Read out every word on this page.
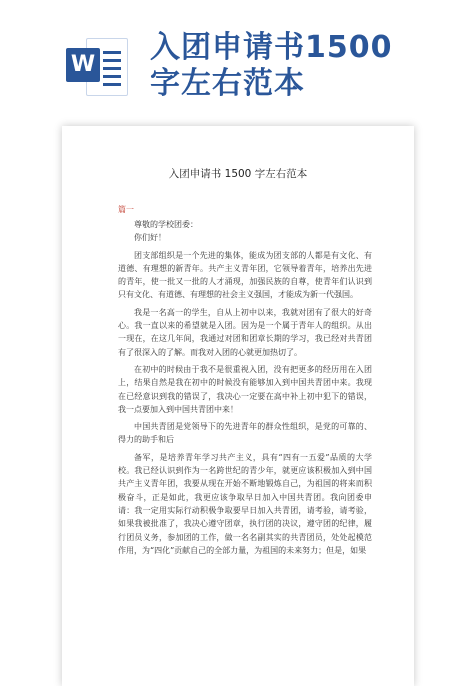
W 入团申请书1500字左右范本
入团申请书 1500 字左右范本
篇一

尊敬的学校团委：

你们好！

团支部组织是一个先进的集体，能成为团支部的人都是有文化、有道德、有理想的新青年。共产主义青年团，它领导着青年，培养出先进的青年，使一批又一批的人才涌现，加强民族的自尊，使青年们认识到只有文化、有道德、有理想的社会主义强国，才能成为新一代强国。

我是一名高一的学生，自从上初中以来，我就对团有了很大的好奇心。我一直以来的希望就是入团。因为是一个属于青年人的组织。从出一现在，在这几年间，我通过对团和团章长期的学习，我已经对共青团有了很深入的了解。而我对入团的心就更加热切了。

在初中的时候由于我不是很重视入团，没有把更多的经历用在入团上，结果自然是我在初中的时候没有能够加入到中国共青团中来。我现在已经意识到我的错误了，我决心一定要在高中补上初中犯下的错误，我一点要加入到中国共青团中来！

中国共青团是党领导下的先进青年的群众性组织，是党的可靠的、得力的助手和后

备军，是培养青年学习共产主义，具有“四有一五爱”品质的大学校。我已经认识到作为一名跨世纪的青少年，就更应该积极加入到中国共产主义青年团，我要从现在开始不断地锻炼自己，为祖国的将来而积极奋斗，正是如此，我更应该争取早日加入中国共青团。我向团委申请：我一定用实际行动积极争取要早日加入共青团，请考验，请考验，如果我被批准了，我决心遵守团章，执行团的决议，遵守团的纪律，履行团员义务，参加团的工作，做一名名副其实的共青团员，处处起模范作用，为“四化”贡献自己的全部力量，为祖国的未来努力；但是，如果
